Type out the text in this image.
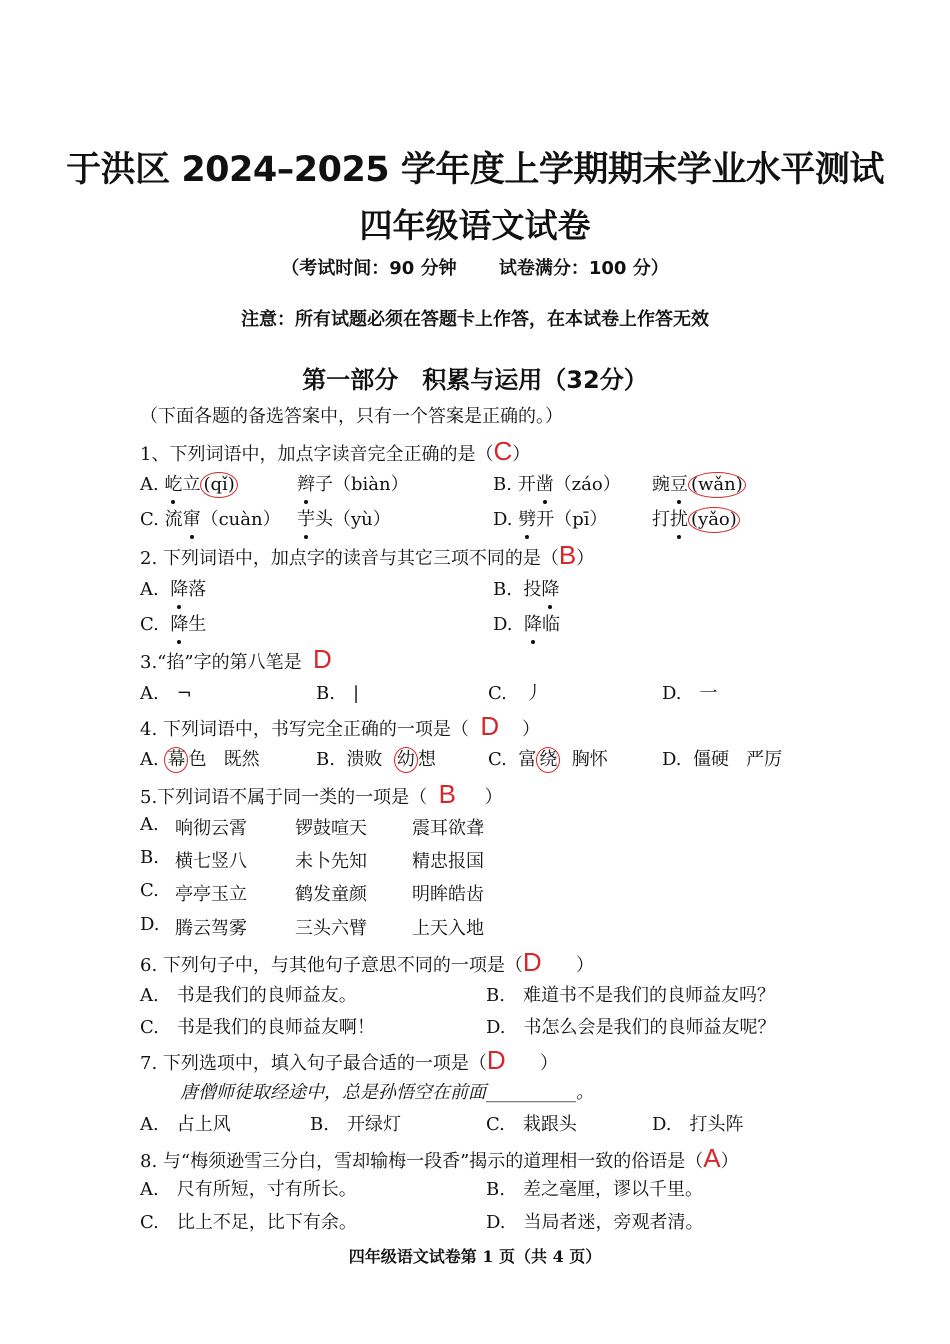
于洪区 2024–2025 学年度上学期期末学业水平测试
四年级语文试卷
（考试时间：90 分钟 试卷满分：100 分）
注意：所有试题必须在答题卡上作答，在本试卷上作答无效
第一部分　积累与运用（32分）
（下面各题的备选答案中，只有一个答案是正确的。）
1、下列词语中，加点字读音完全正确的是（C）
A. 屹立 (qǐ)	辫子（biàn）	B. 开凿（záo） 豌豆 (wǎn)
C. 流窜（cuàn） 芋头（yù）	D. 劈开（pī） 打扰 (yǎo)
2. 下列词语中，加点字的读音与其它三项不同的是（B）
A. 降落	B. 投降
C. 降生	D. 降临
3.“掐”字的第八笔是 D
A.　¬	B.　|	C.　丿	D.　一
4. 下列词语中，书写完全正确的一项是（ D ）
A. 幕 色 既然	B. 溃败 幼 想	C. 富 绕 胸怀	D. 僵硬 严厉
5.下列词语不属于同一类的一项是（ B ）
A. 响彻云霄	锣鼓喧天	震耳欲聋
B. 横七竖八	未卜先知	精忠报国
C. 亭亭玉立	鹤发童颜	明眸皓齿
D. 腾云驾雾	三头六臂	上天入地
6. 下列句子中，与其他句子意思不同的一项是（D ）
A.　书是我们的良师益友。	B.　难道书不是我们的良师益友吗？
C.　书是我们的良师益友啊！	D.　书怎么会是我们的良师益友呢？
7. 下列选项中，填入句子最合适的一项是（D ）
唐僧师徒取经途中，总是孙悟空在前面__________。
A.　占上风	B.　开绿灯	C.　栽跟头	D.　打头阵
8. 与“梅须逊雪三分白，雪却输梅一段香”揭示的道理相一致的俗语是（A）
A.　尺有所短，寸有所长。	B.　差之毫厘，谬以千里。
C.　比上不足，比下有余。	D.　当局者迷，旁观者清。
四年级语文试卷第 1 页（共 4 页）
